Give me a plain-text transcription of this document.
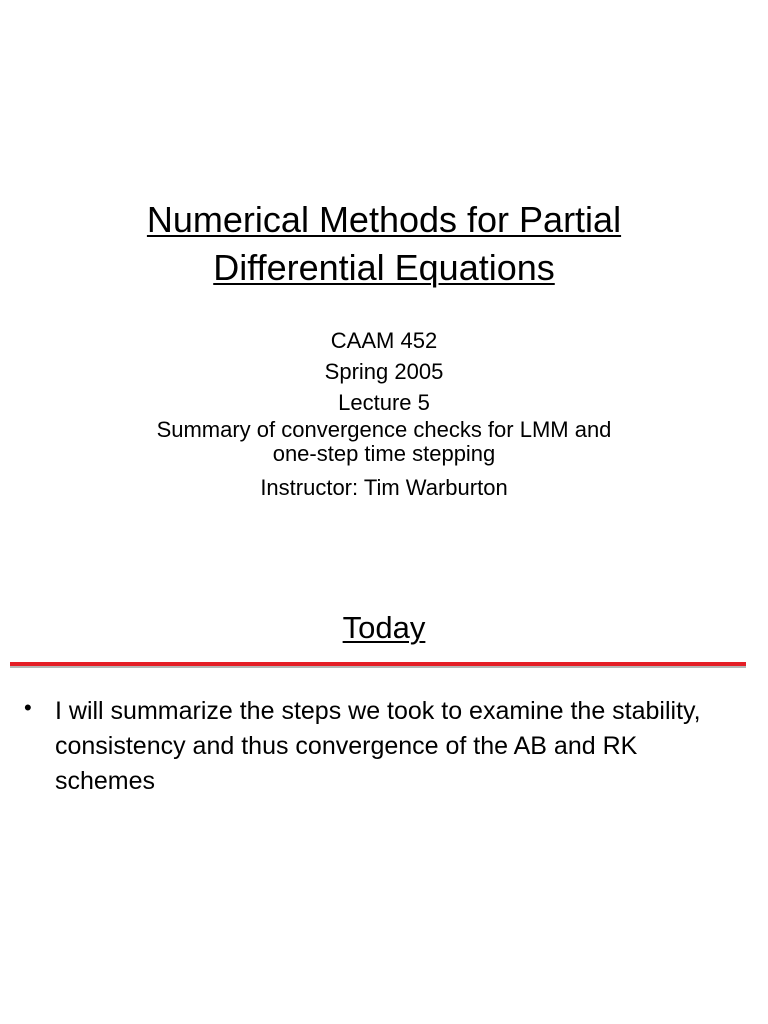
Numerical Methods for Partial
Differential Equations
CAAM 452
Spring 2005
Lecture 5
Summary of convergence checks for LMM and
one-step time stepping
Instructor: Tim Warburton
Today
• I will summarize the steps we took to examine the stability, consistency and thus convergence of the AB and RK schemes
